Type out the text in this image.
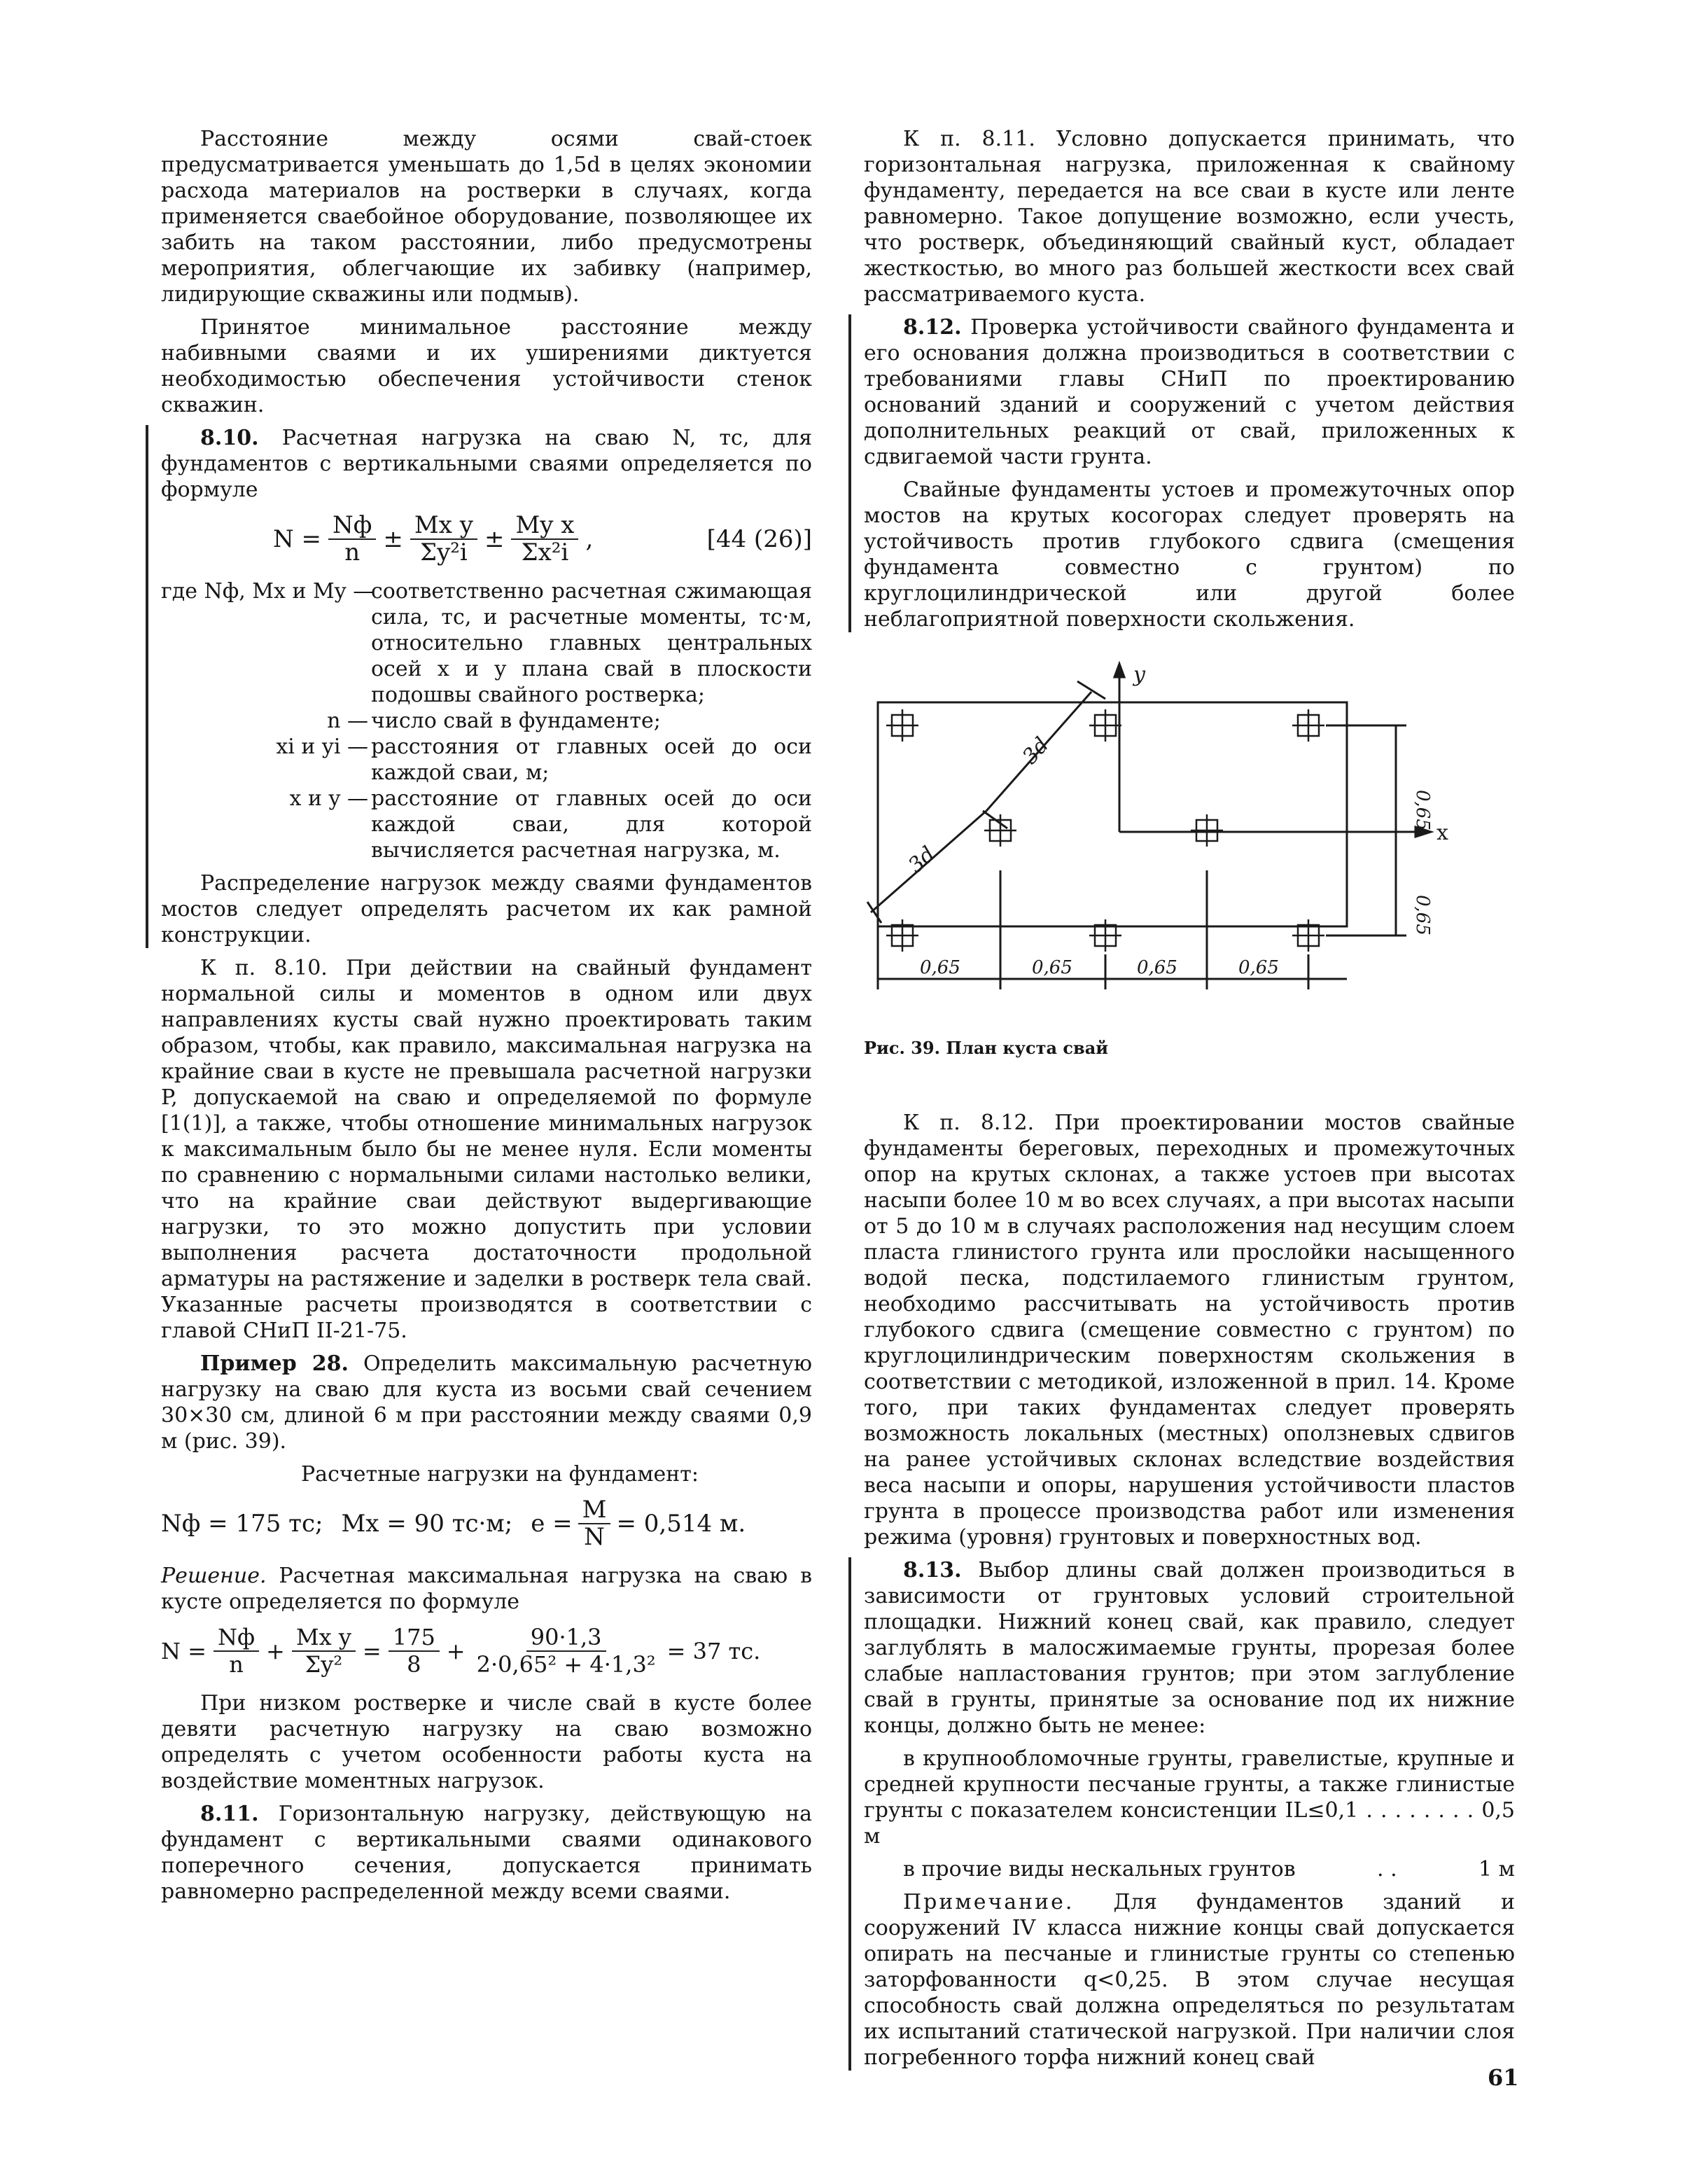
Расстояние между осями свай-стоек предусматривается уменьшать до 1,5d в целях экономии расхода материалов на ростверки в случаях, когда применяется сваебойное оборудование, позволяющее их забить на таком расстоянии, либо предусмотрены мероприятия, облегчающие их забивку (например, лидирующие скважины или подмыв).

Принятое минимальное расстояние между набивными сваями и их уширениями диктуется необходимостью обеспечения устойчивости стенок скважин.

8.10. Расчетная нагрузка на сваю N, тс, для фундаментов с вертикальными сваями определяется по формуле

$N = \frac{Nф}{n} \pm \frac{\text{Mx y}}{\text{Σy²i}} \pm \frac{\text{My x}}{\text{Σx²i}}$ ,	[44 (26)]
где Nф, Mx и My —
соответственно расчетная сжимающая сила, тс, и расчетные моменты, тс·м, относительно главных центральных осей x и y плана свай в плоскости подошвы свайного ростверка;
n — число свай в фундаменте;
xi и yi — расстояния от главных осей до оси каждой сваи, м;
x и y — расстояние от главных осей до оси каждой сваи, для которой вычисляется расчетная нагрузка, м.

Распределение нагрузок между сваями фундаментов мостов следует определять расчетом их как рамной конструкции.

К п. 8.10. При действии на свайный фундамент нормальной силы и моментов в одном или двух направлениях кусты свай нужно проектировать таким образом, чтобы, как правило, максимальная нагрузка на крайние сваи в кусте не превышала расчетной нагрузки P, допускаемой на сваю и определяемой по формуле [1(1)], а также, чтобы отношение минимальных нагрузок к максимальным было бы не менее нуля. Если моменты по сравнению с нормальными силами настолько велики, что на крайние сваи действуют выдергивающие нагрузки, то это можно допустить при условии выполнения расчета достаточности продольной арматуры на растяжение и заделки в ростверк тела свай. Указанные расчеты производятся в соответствии с главой СНиП II-21-75.

Пример 28. Определить максимальную расчетную нагрузку на сваю для куста из восьми свай сечением 30×30 см, длиной 6 м при расстоянии между сваями 0,9 м (рис. 39).

Расчетные нагрузки на фундамент:

Nф = 175 тс; Mx = 90 тс·м; $e = \frac{M}{N} = 0,514$ м.

Решение. Расчетная максимальная нагрузка на сваю в кусте определяется по формуле

$N = \frac{Nф}{n} + \frac{\text{Mx y}}{\text{Σy²}} = \frac{175}{8} + \frac{90\cdot 1,3}{\text{2·0,65² + 4·1,3²}} = 37$ тс.

При низком ростверке и числе свай в кусте более девяти расчетную нагрузку на сваю возможно определять с учетом особенности работы куста на воздействие моментных нагрузок.

8.11. Горизонтальную нагрузку, действующую на фундамент с вертикальными сваями одинакового поперечного сечения, допускается принимать равномерно распределенной между всеми сваями.

К п. 8.11. Условно допускается принимать, что горизонтальная нагрузка, приложенная к свайному фундаменту, передается на все сваи в кусте или ленте равномерно. Такое допущение возможно, если учесть, что ростверк, объединяющий свайный куст, обладает жесткостью, во много раз большей жесткости всех свай рассматриваемого куста.

8.12. Проверка устойчивости свайного фундамента и его основания должна производиться в соответствии с требованиями главы СНиП по проектированию оснований зданий и сооружений с учетом действия дополнительных реакций от свай, приложенных к сдвигаемой части грунта.

Свайные фундаменты устоев и промежуточных опор мостов на крутых косогорах следует проверять на устойчивость против глубокого сдвига (смещения фундамента совместно с грунтом) по круглоцилиндрической или другой более неблагоприятной поверхности скольжения.

y
x
3d
3d
0,65
0,65
0,65	0,65	0,65	0,65
Рис. 39. План куста свай

К п. 8.12. При проектировании мостов свайные фундаменты береговых, переходных и промежуточных опор на крутых склонах, а также устоев при высотах насыпи более 10 м во всех случаях, а при высотах насыпи от 5 до 10 м в случаях расположения над несущим слоем пласта глинистого грунта или прослойки насыщенного водой песка, подстилаемого глинистым грунтом, необходимо рассчитывать на устойчивость против глубокого сдвига (смещение совместно с грунтом) по круглоцилиндрическим поверхностям скольжения в соответствии с методикой, изложенной в прил. 14. Кроме того, при таких фундаментах следует проверять возможность локальных (местных) оползневых сдвигов на ранее устойчивых склонах вследствие воздействия веса насыпи и опоры, нарушения устойчивости пластов грунта в процессе производства работ или изменения режима (уровня) грунтовых и поверхностных вод.

8.13. Выбор длины свай должен производиться в зависимости от грунтовых условий строительной площадки. Нижний конец свай, как правило, следует заглублять в малосжимаемые грунты, прорезая более слабые напластования грунтов; при этом заглубление свай в грунты, принятые за основание под их нижние концы, должно быть не менее:

в крупнообломочные грунты, гравелистые, крупные и средней крупности песчаные грунты, а также глинистые грунты с показателем консистенции IL≤0,1 . . . . . . . . 0,5 м

в прочие виды нескальных грунтов	. .	1 м

Примечание. Для фундаментов зданий и сооружений IV класса нижние концы свай допускается опирать на песчаные и глинистые грунты со степенью заторфованности q<0,25. В этом случае несущая способность свай должна определяться по результатам их испытаний статической нагрузкой. При наличии слоя погребенного торфа нижний конец свай

61
